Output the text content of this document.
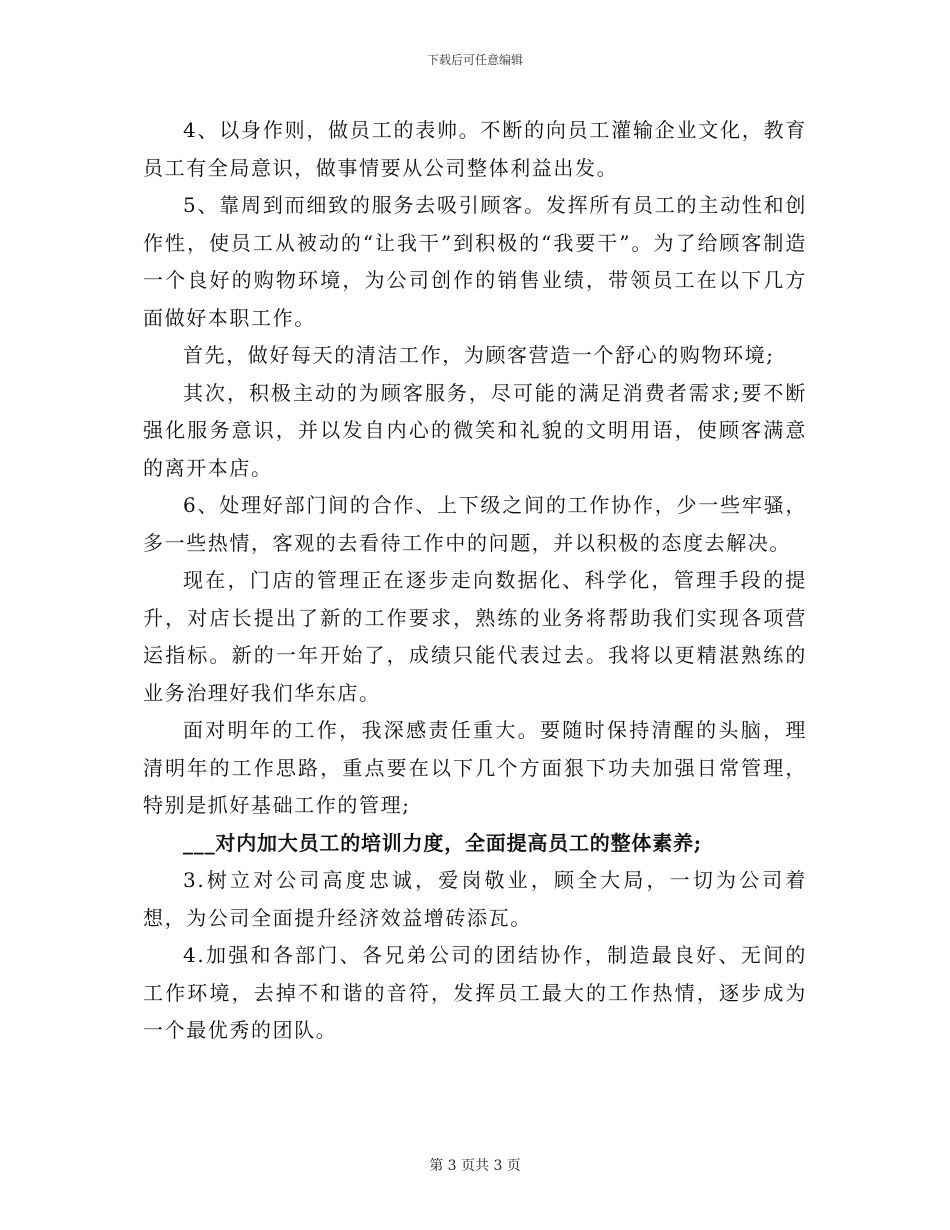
下载后可任意编辑

4、以身作则，做员工的表帅。不断的向员工灌输企业文化，教育员工有全局意识，做事情要从公司整体利益出发。

5、靠周到而细致的服务去吸引顾客。发挥所有员工的主动性和创作性，使员工从被动的“让我干”到积极的“我要干”。为了给顾客制造一个良好的购物环境，为公司创作的销售业绩，带领员工在以下几方面做好本职工作。

首先，做好每天的清洁工作，为顾客营造一个舒心的购物环境;

其次，积极主动的为顾客服务，尽可能的满足消费者需求;要不断强化服务意识，并以发自内心的微笑和礼貌的文明用语，使顾客满意的离开本店。

6、处理好部门间的合作、上下级之间的工作协作，少一些牢骚，多一些热情，客观的去看待工作中的问题，并以积极的态度去解决。

现在，门店的管理正在逐步走向数据化、科学化，管理手段的提升，对店长提出了新的工作要求，熟练的业务将帮助我们实现各项营运指标。新的一年开始了，成绩只能代表过去。我将以更精湛熟练的业务治理好我们华东店。

面对明年的工作，我深感责任重大。要随时保持清醒的头脑，理清明年的工作思路，重点要在以下几个方面狠下功夫加强日常管理，特别是抓好基础工作的管理;

___对内加大员工的培训力度，全面提高员工的整体素养;

3.树立对公司高度忠诚，爱岗敬业，顾全大局，一切为公司着想，为公司全面提升经济效益增砖添瓦。

4.加强和各部门、各兄弟公司的团结协作，制造最良好、无间的工作环境，去掉不和谐的音符，发挥员工最大的工作热情，逐步成为一个最优秀的团队。

第 3 页共 3 页
